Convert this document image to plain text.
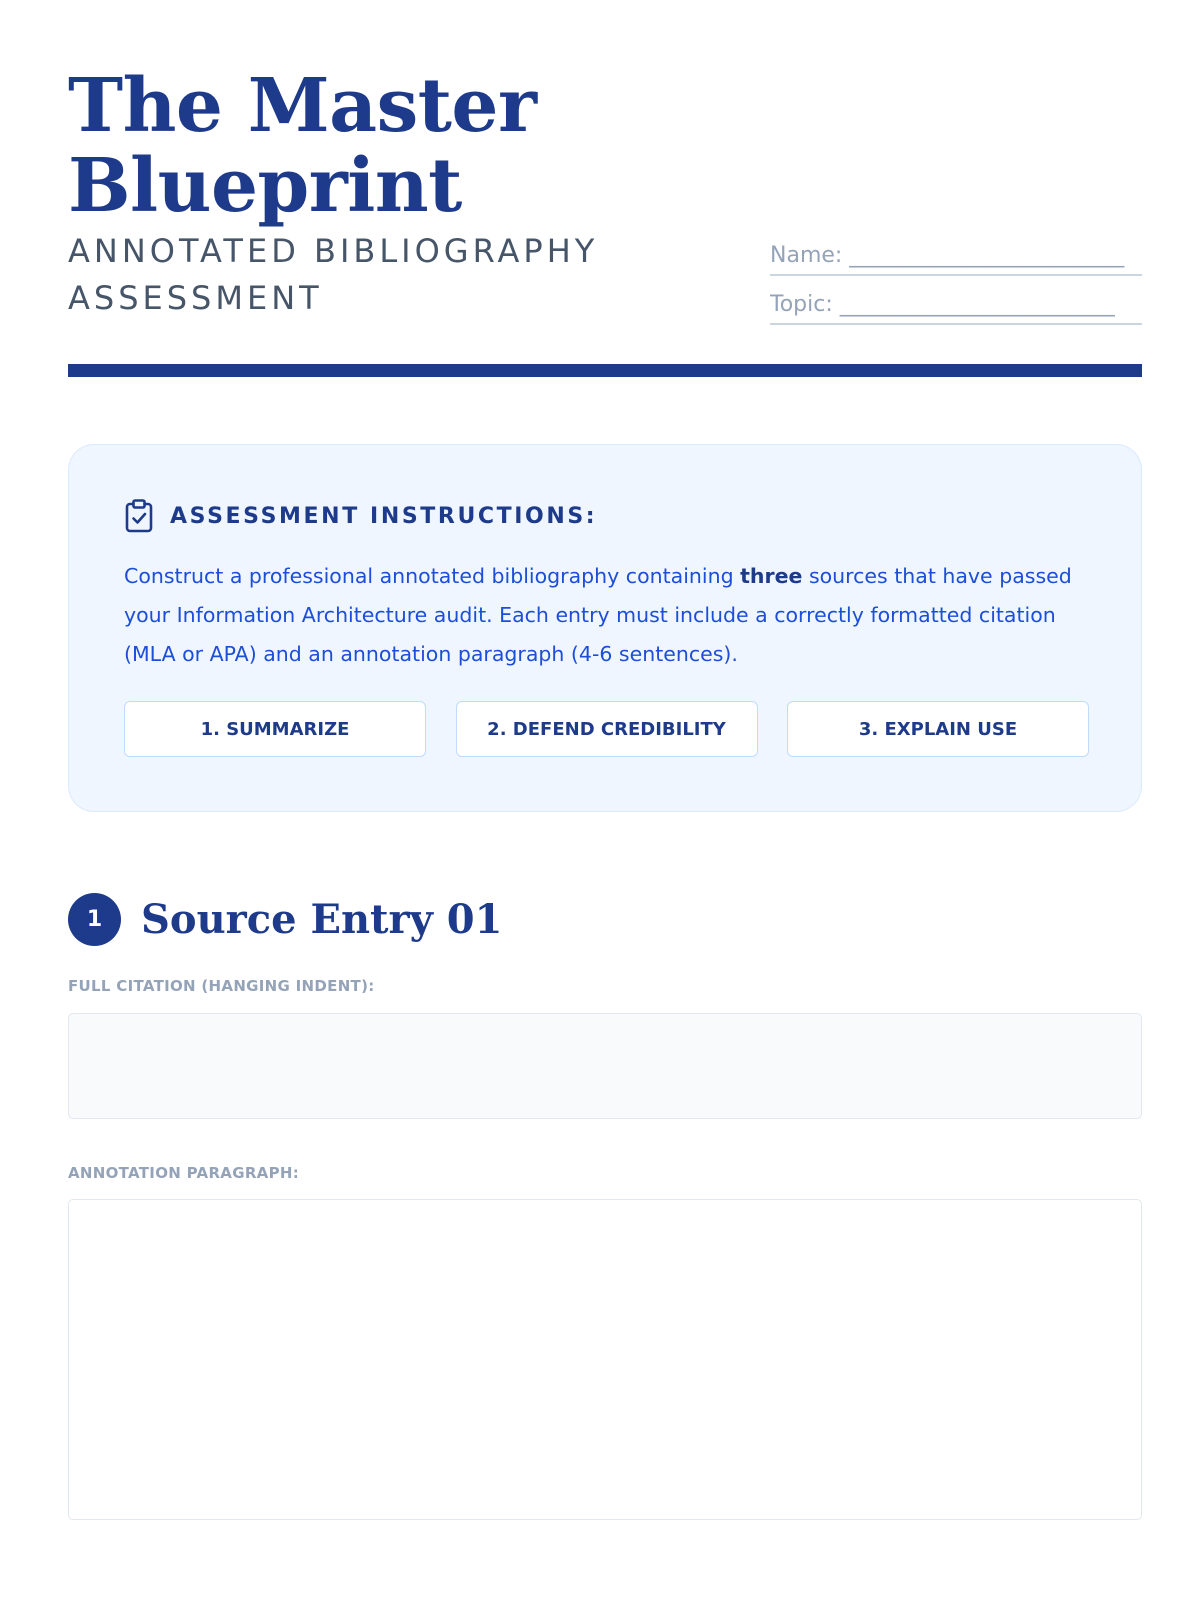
The Master Blueprint
ANNOTATED BIBLIOGRAPHY ASSESSMENT
Name: _________________________
Topic: _________________________
ASSESSMENT INSTRUCTIONS:

Construct a professional annotated bibliography containing three sources that have passed your Information Architecture audit. Each entry must include a correctly formatted citation (MLA or APA) and an annotation paragraph (4-6 sentences).

1. SUMMARIZE	2. DEFEND CREDIBILITY	3. EXPLAIN USE
1 Source Entry 01
FULL CITATION (HANGING INDENT):
ANNOTATION PARAGRAPH:
